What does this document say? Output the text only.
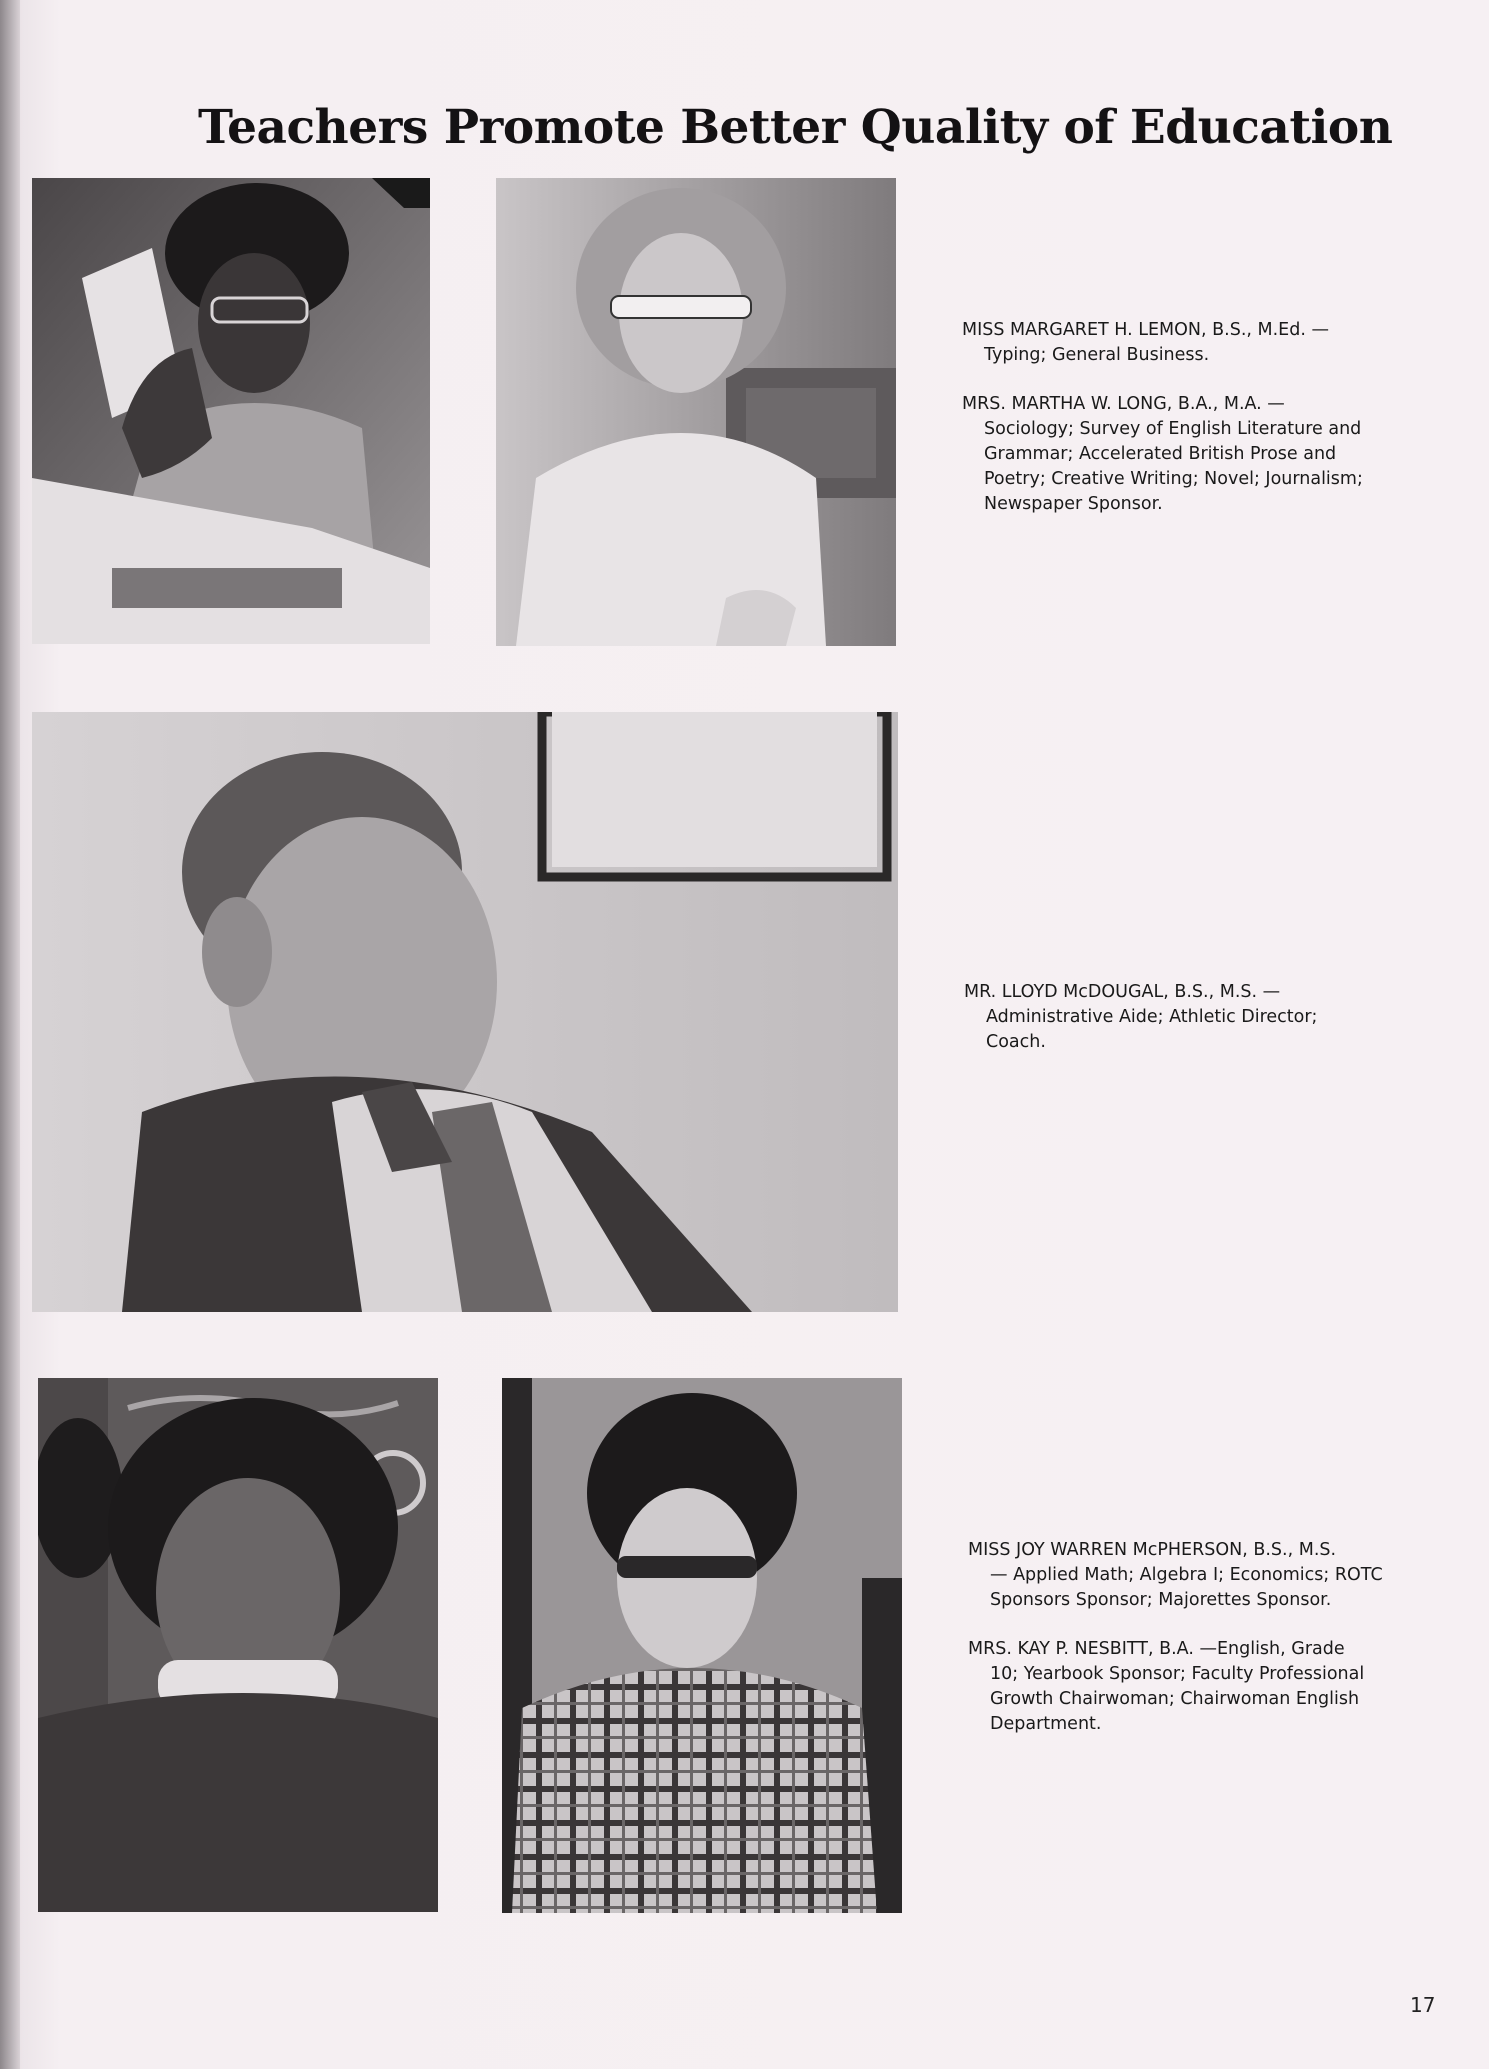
Teachers Promote Better Quality of Education
MISS MARGARET H. LEMON, B.S., M.Ed. —
Typing; General Business.
MRS. MARTHA W. LONG, B.A., M.A. —
Sociology; Survey of English Literature and Grammar; Accelerated British Prose and Poetry; Creative Writing; Novel; Journalism; Newspaper Sponsor.
MR. LLOYD McDOUGAL, B.S., M.S. —
Administrative Aide; Athletic Director; Coach.
MISS JOY WARREN McPHERSON, B.S., M.S.
— Applied Math; Algebra I; Economics; ROTC Sponsors Sponsor; Majorettes Sponsor.
MRS. KAY P. NESBITT, B.A. —English, Grade
10; Yearbook Sponsor; Faculty Professional Growth Chairwoman; Chairwoman English Department.
17
